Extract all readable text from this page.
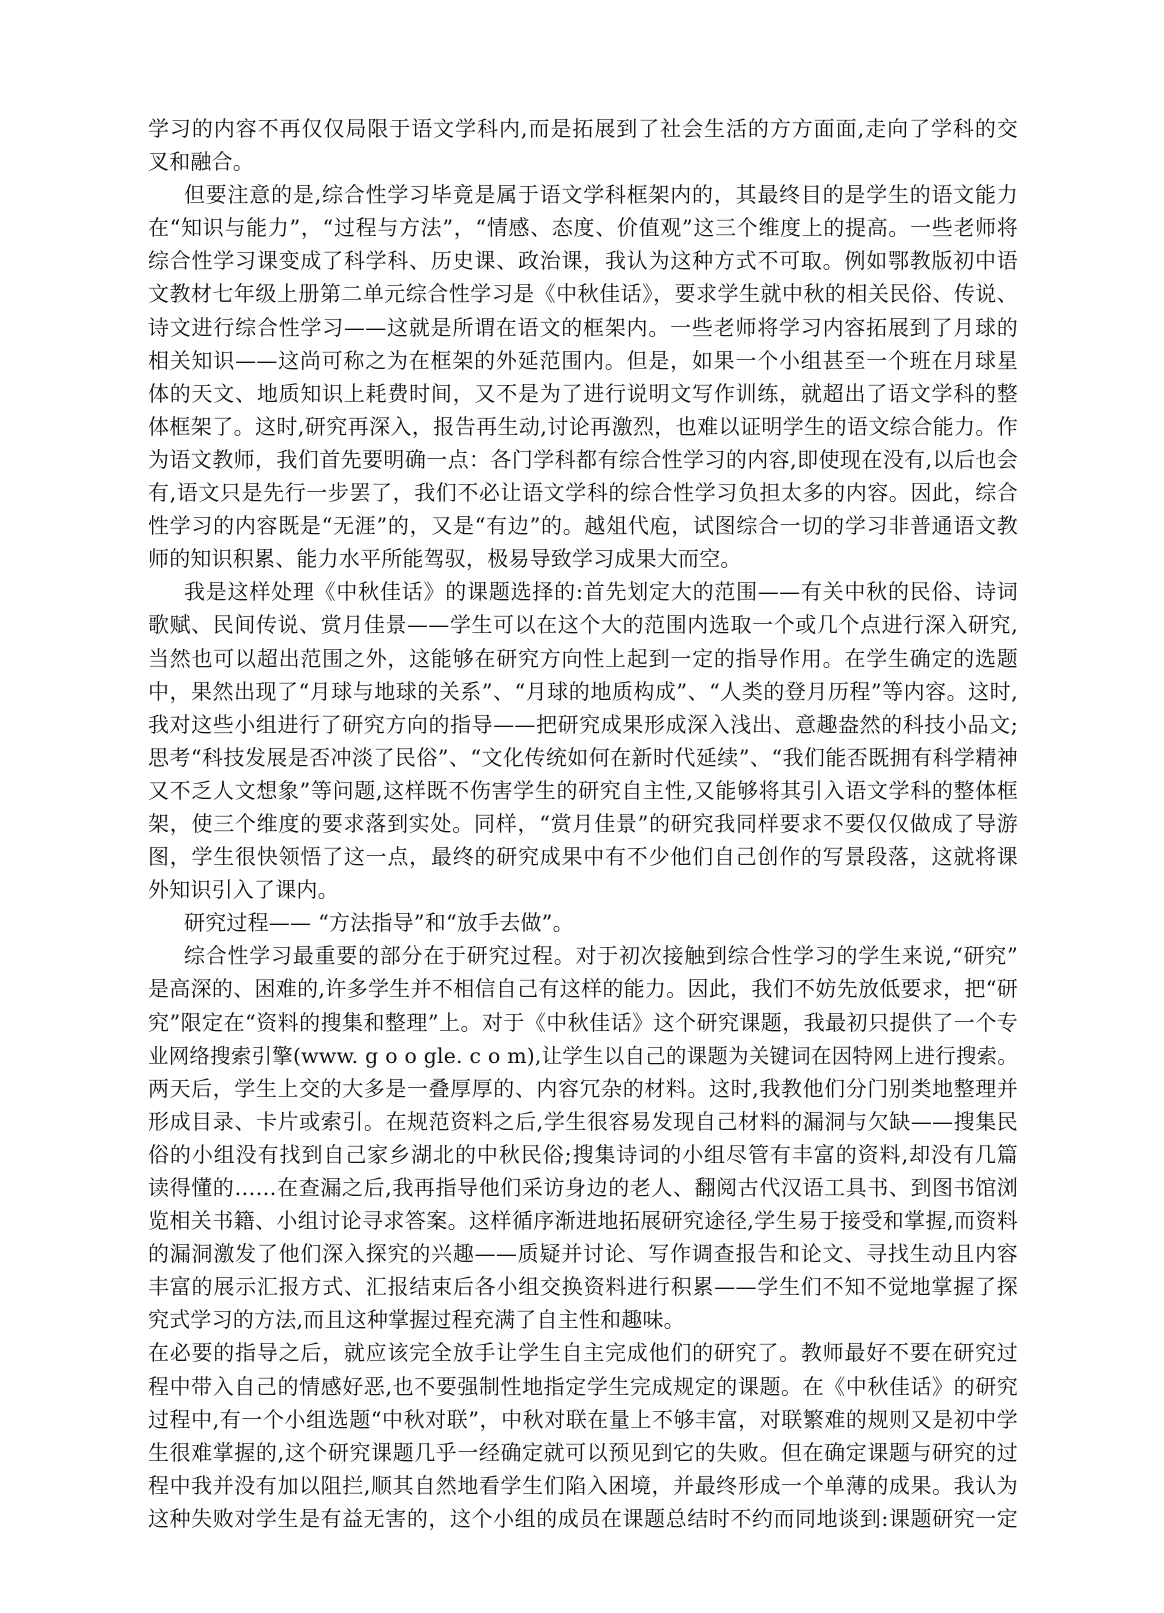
学习的内容不再仅仅局限于语文学科内,而是拓展到了社会生活的方方面面,走向了学科的交
叉和融合。
但要注意的是,综合性学习毕竟是属于语文学科框架内的，其最终目的是学生的语文能力
在“知识与能力”，“过程与方法”，“情感、态度、价值观”这三个维度上的提高。一些老师将
综合性学习课变成了科学科、历史课、政治课，我认为这种方式不可取。例如鄂教版初中语
文教材七年级上册第二单元综合性学习是《中秋佳话》，要求学生就中秋的相关民俗、传说、
诗文进行综合性学习——这就是所谓在语文的框架内。一些老师将学习内容拓展到了月球的
相关知识——这尚可称之为在框架的外延范围内。但是，如果一个小组甚至一个班在月球星
体的天文、地质知识上耗费时间，又不是为了进行说明文写作训练，就超出了语文学科的整
体框架了。这时,研究再深入，报告再生动,讨论再激烈，也难以证明学生的语文综合能力。作
为语文教师，我们首先要明确一点：各门学科都有综合性学习的内容,即使现在没有,以后也会
有,语文只是先行一步罢了，我们不必让语文学科的综合性学习负担太多的内容。因此，综合
性学习的内容既是“无涯”的，又是“有边”的。越俎代庖，试图综合一切的学习非普通语文教
师的知识积累、能力水平所能驾驭，极易导致学习成果大而空。
我是这样处理《中秋佳话》的课题选择的:首先划定大的范围——有关中秋的民俗、诗词
歌赋、民间传说、赏月佳景——学生可以在这个大的范围内选取一个或几个点进行深入研究,
当然也可以超出范围之外，这能够在研究方向性上起到一定的指导作用。在学生确定的选题
中，果然出现了“月球与地球的关系”、“月球的地质构成”、“人类的登月历程”等内容。这时,
我对这些小组进行了研究方向的指导——把研究成果形成深入浅出、意趣盎然的科技小品文;
思考“科技发展是否冲淡了民俗”、“文化传统如何在新时代延续”、“我们能否既拥有科学精神
又不乏人文想象”等问题,这样既不伤害学生的研究自主性,又能够将其引入语文学科的整体框
架，使三个维度的要求落到实处。同样，“赏月佳景”的研究我同样要求不要仅仅做成了导游
图，学生很快领悟了这一点，最终的研究成果中有不少他们自己创作的写景段落，这就将课
外知识引入了课内。
研究过程—— “方法指导”和“放手去做”。
综合性学习最重要的部分在于研究过程。对于初次接触到综合性学习的学生来说,“研究”
是高深的、困难的,许多学生并不相信自己有这样的能力。因此，我们不妨先放低要求，把“研
究”限定在“资料的搜集和整理”上。对于《中秋佳话》这个研究课题，我最初只提供了一个专
业网络搜索引擎(www. g o o gle. c o m),让学生以自己的课题为关键词在因特网上进行搜索。
两天后，学生上交的大多是一叠厚厚的、内容冗杂的材料。这时,我教他们分门别类地整理并
形成目录、卡片或索引。在规范资料之后,学生很容易发现自己材料的漏洞与欠缺——搜集民
俗的小组没有找到自己家乡湖北的中秋民俗;搜集诗词的小组尽管有丰富的资料,却没有几篇
读得懂的……在查漏之后,我再指导他们采访身边的老人、翻阅古代汉语工具书、到图书馆浏
览相关书籍、小组讨论寻求答案。这样循序渐进地拓展研究途径,学生易于接受和掌握,而资料
的漏洞激发了他们深入探究的兴趣——质疑并讨论、写作调查报告和论文、寻找生动且内容
丰富的展示汇报方式、汇报结束后各小组交换资料进行积累——学生们不知不觉地掌握了探
究式学习的方法,而且这种掌握过程充满了自主性和趣味。
在必要的指导之后，就应该完全放手让学生自主完成他们的研究了。教师最好不要在研究过
程中带入自己的情感好恶,也不要强制性地指定学生完成规定的课题。在《中秋佳话》的研究
过程中,有一个小组选题“中秋对联”，中秋对联在量上不够丰富，对联繁难的规则又是初中学
生很难掌握的,这个研究课题几乎一经确定就可以预见到它的失败。但在确定课题与研究的过
程中我并没有加以阻拦,顺其自然地看学生们陷入困境，并最终形成一个单薄的成果。我认为
这种失败对学生是有益无害的，这个小组的成员在课题总结时不约而同地谈到:课题研究一定
